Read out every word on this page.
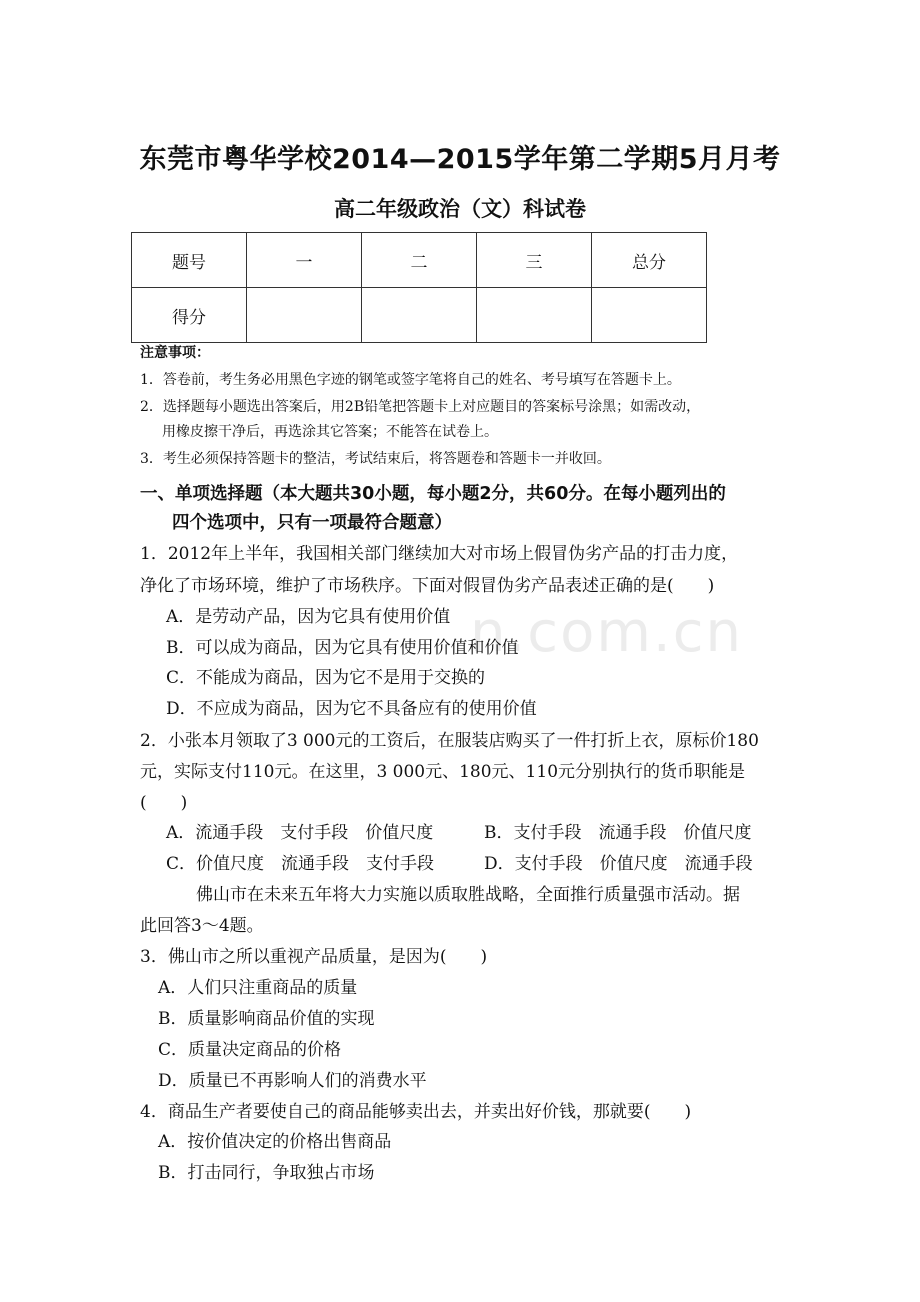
n.com.cn
东莞市粤华学校2014—2015学年第二学期5月月考
高二年级政治（文）科试卷
题号	一	二	三	总分
得分				
注意事项：
1．答卷前，考生务必用黑色字迹的钢笔或签字笔将自己的姓名、考号填写在答题卡上。
2．选择题每小题选出答案后，用2B铅笔把答题卡上对应题目的答案标号涂黑；如需改动，
用橡皮擦干净后，再选涂其它答案；不能答在试卷上。
3．考生必须保持答题卡的整洁，考试结束后，将答题卷和答题卡一并收回。
一、单项选择题（本大题共30小题，每小题2分，共60分。在每小题列出的
四个选项中，只有一项最符合题意）
1．2012年上半年，我国相关部门继续加大对市场上假冒伪劣产品的打击力度，
净化了市场环境，维护了市场秩序。下面对假冒伪劣产品表述正确的是(　　)
A．是劳动产品，因为它具有使用价值
B．可以成为商品，因为它具有使用价值和价值
C．不能成为商品，因为它不是用于交换的
D．不应成为商品，因为它不具备应有的使用价值
2．小张本月领取了3 000元的工资后，在服装店购买了一件打折上衣，原标价180
元，实际支付110元。在这里，3 000元、180元、110元分别执行的货币职能是
(　　)
A．流通手段　支付手段　价值尺度	B．支付手段　流通手段　价值尺度
C．价值尺度　流通手段　支付手段	D．支付手段　价值尺度　流通手段
佛山市在未来五年将大力实施以质取胜战略，全面推行质量强市活动。据
此回答3～4题。
3．佛山市之所以重视产品质量，是因为(　　)
A．人们只注重商品的质量
B．质量影响商品价值的实现
C．质量决定商品的价格
D．质量已不再影响人们的消费水平
4．商品生产者要使自己的商品能够卖出去，并卖出好价钱，那就要(　　)
A．按价值决定的价格出售商品
B．打击同行，争取独占市场
